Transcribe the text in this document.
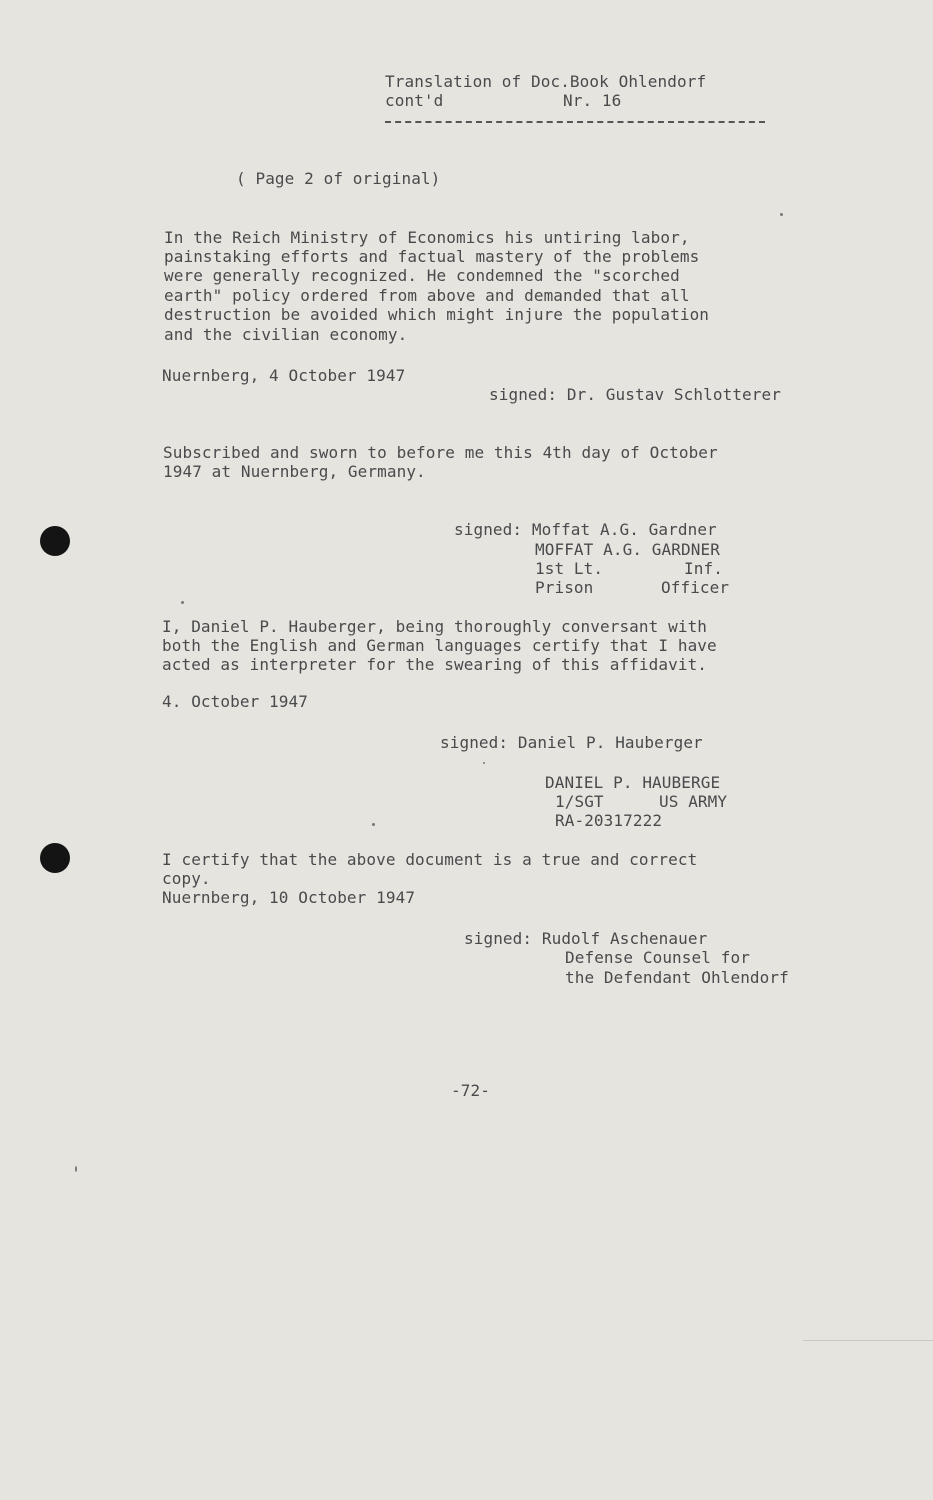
Translation of Doc.Book Ohlendorf
cont'd	Nr. 16
( Page 2 of original)
In the Reich Ministry of Economics his untiring labor,
painstaking efforts and factual mastery of the problems
were generally recognized. He condemned the "scorched
earth" policy ordered from above and demanded that all
destruction be avoided which might injure the population
and the civilian economy.
Nuernberg, 4 October 1947
signed: Dr. Gustav Schlotterer
Subscribed and sworn to before me this 4th day of October
1947 at Nuernberg, Germany.
signed: Moffat A.G. Gardner
MOFFAT A.G. GARDNER
1st Lt.	Inf.
Prison	Officer
I, Daniel P. Hauberger, being thoroughly conversant with
both the English and German languages certify that I have
acted as interpreter for the swearing of this affidavit.
4. October 1947
signed: Daniel P. Hauberger
DANIEL P. HAUBERGE
1/SGT	US ARMY
RA-20317222
I certify that the above document is a true and correct
copy.
Nuernberg, 10 October 1947
signed: Rudolf Aschenauer
Defense Counsel for
the Defendant Ohlendorf
-72-
